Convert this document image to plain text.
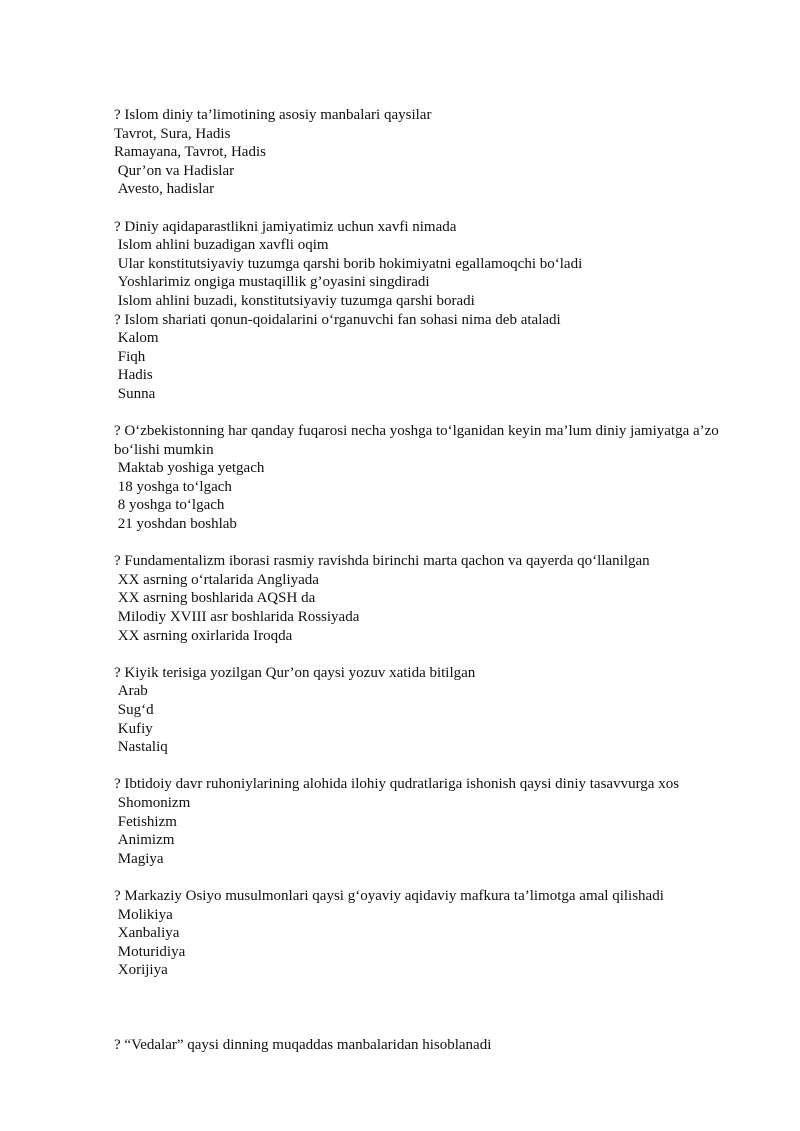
? Islom diniy ta’limotining asosiy manbalari qaysilar

Tavrot, Sura, Hadis

Ramayana, Tavrot, Hadis

Qur’on va Hadislar

Avesto, hadislar

? Diniy aqidaparastlikni jamiyatimiz uchun xavfi nimada

Islom ahlini buzadigan xavfli oqim

Ular konstitutsiyaviy tuzumga qarshi borib hokimiyatni egallamoqchi bo‘ladi

Yoshlarimiz ongiga mustaqillik g’oyasini singdiradi

Islom ahlini buzadi, konstitutsiyaviy tuzumga qarshi boradi

? Islom shariati qonun-qoidalarini o‘rganuvchi fan sohasi nima deb ataladi

Kalom

Fiqh

Hadis

Sunna

? O‘zbekistonning har qanday fuqarosi necha yoshga to‘lganidan keyin ma’lum diniy jamiyatga a’zo bo‘lishi mumkin

Maktab yoshiga yetgach

18 yoshga to‘lgach

8 yoshga to‘lgach

21 yoshdan boshlab

? Fundamentalizm iborasi rasmiy ravishda birinchi marta qachon va qayerda qo‘llanilgan

XX asrning o‘rtalarida Angliyada

XX asrning boshlarida AQSH da

Milodiy XVIII asr boshlarida Rossiyada

XX asrning oxirlarida Iroqda

? Kiyik terisiga yozilgan Qur’on qaysi yozuv xatida bitilgan

Arab

Sug‘d

Kufiy

Nastaliq

? Ibtidoiy davr ruhoniylarining alohida ilohiy qudratlariga ishonish qaysi diniy tasavvurga xos

Shomonizm

Fetishizm

Animizm

Magiya

? Markaziy Osiyo musulmonlari qaysi g‘oyaviy aqidaviy mafkura ta’limotga amal qilishadi

Molikiya

Xanbaliya

Moturidiya

Xorijiya

? “Vedalar” qaysi dinning muqaddas manbalaridan hisoblanadi
